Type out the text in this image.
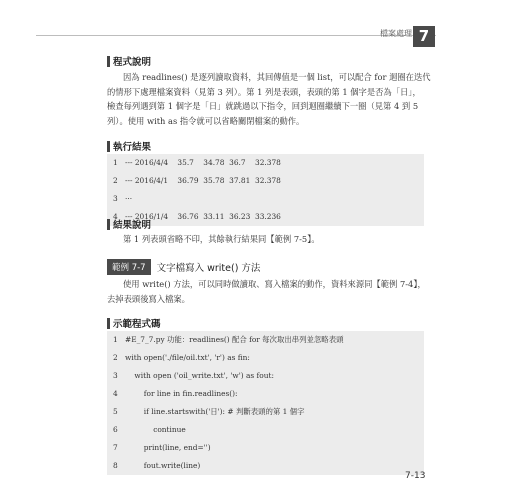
檔案處理 7
程式說明
因為 readlines() 是逐列讀取資料，其回傳值是一個 list，可以配合 for 迴圈在迭代
的情形下處理檔案資料（見第 3 列）。第 1 列是表頭，表頭的第 1 個字是否為「日」，
檢查每列遇到第 1 個字是「日」就跳過以下指令，回到迴圈繼續下一圈（見第 4 到 5
列）。使用 with as 指令就可以省略關閉檔案的動作。
執行結果
1 --- 2016/4/4    35.7    34.78  36.7    32.378
2 --- 2016/4/1    36.79  35.78  37.81  32.378
3 ···
4 --- 2016/1/4    36.76  33.11  36.23  33.236
結果說明
第 1 列表頭省略不印，其餘執行結果同【範例 7-5】。
範例 7-7	文字檔寫入 write() 方法
使用 write() 方法，可以同時做讀取、寫入檔案的動作，資料來源同【範例 7-4】，
去掉表頭後寫入檔案。
示範程式碼
1 #E_7_7.py 功能：readlines() 配合 for 每次取出串列並忽略表頭
2 with open('./file/oil.txt', 'r') as fin:
3 with open ('oil_write.txt', 'w') as fout:
4 for line in fin.readlines():
5 if line.startswith('日'): # 判斷表頭的第 1 個字
6 continue
7 print(line, end='')
8 fout.write(line)
7-13
